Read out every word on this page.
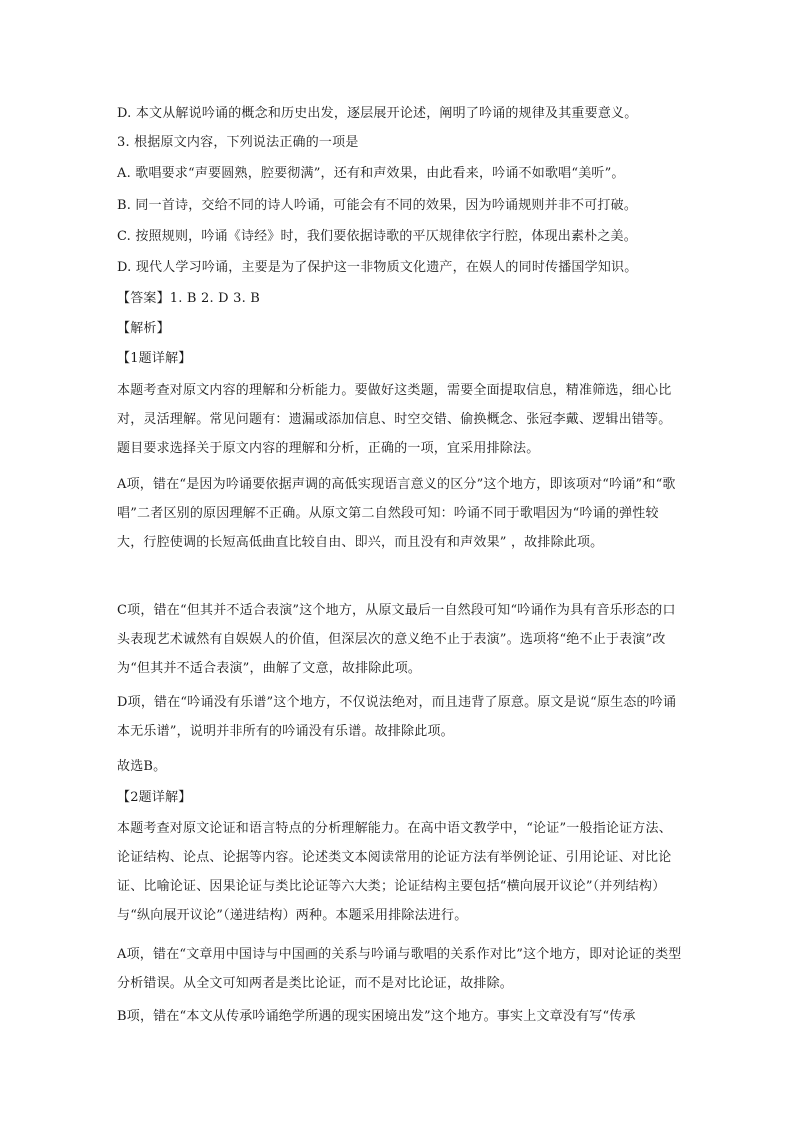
D. 本文从解说吟诵的概念和历史出发，逐层展开论述，阐明了吟诵的规律及其重要意义。

3. 根据原文内容，下列说法正确的一项是

A. 歌唱要求“声要圆熟，腔要彻满”，还有和声效果，由此看来，吟诵不如歌唱“美听”。

B. 同一首诗，交给不同的诗人吟诵，可能会有不同的效果，因为吟诵规则并非不可打破。

C. 按照规则，吟诵《诗经》时，我们要依据诗歌的平仄规律依字行腔，体现出素朴之美。

D. 现代人学习吟诵，主要是为了保护这一非物质文化遗产，在娱人的同时传播国学知识。

【答案】1. B 2. D 3. B

【解析】

【1题详解】

本题考查对原文内容的理解和分析能力。要做好这类题，需要全面提取信息，精准筛选，细心比对，灵活理解。常见问题有：遗漏或添加信息、时空交错、偷换概念、张冠李戴、逻辑出错等。题目要求选择关于原文内容的理解和分析，正确的一项，宜采用排除法。

A项，错在“是因为吟诵要依据声调的高低实现语言意义的区分”这个地方，即该项对“吟诵”和“歌唱”二者区别的原因理解不正确。从原文第二自然段可知：吟诵不同于歌唱因为“吟诵的弹性较大，行腔使调的长短高低曲直比较自由、即兴，而且没有和声效果” ，故排除此项。

C项，错在“但其并不适合表演”这个地方，从原文最后一自然段可知“吟诵作为具有音乐形态的口头表现艺术诚然有自娱娱人的价值，但深层次的意义绝不止于表演”。选项将“绝不止于表演”改为“但其并不适合表演”，曲解了文意，故排除此项。

D项，错在“吟诵没有乐谱”这个地方，不仅说法绝对，而且违背了原意。原文是说“原生态的吟诵本无乐谱”，说明并非所有的吟诵没有乐谱。故排除此项。

故选B。

【2题详解】

本题考查对原文论证和语言特点的分析理解能力。在高中语文教学中，“论证”一般指论证方法、论证结构、论点、论据等内容。论述类文本阅读常用的论证方法有举例论证、引用论证、对比论证、比喻论证、因果论证与类比论证等六大类；论证结构主要包括“横向展开议论”（并列结构）与“纵向展开议论”（递进结构）两种。本题采用排除法进行。

A项，错在“文章用中国诗与中国画的关系与吟诵与歌唱的关系作对比”这个地方，即对论证的类型分析错误。从全文可知两者是类比论证，而不是对比论证，故排除。

B项，错在“本文从传承吟诵绝学所遇的现实困境出发”这个地方。事实上文章没有写“传承
